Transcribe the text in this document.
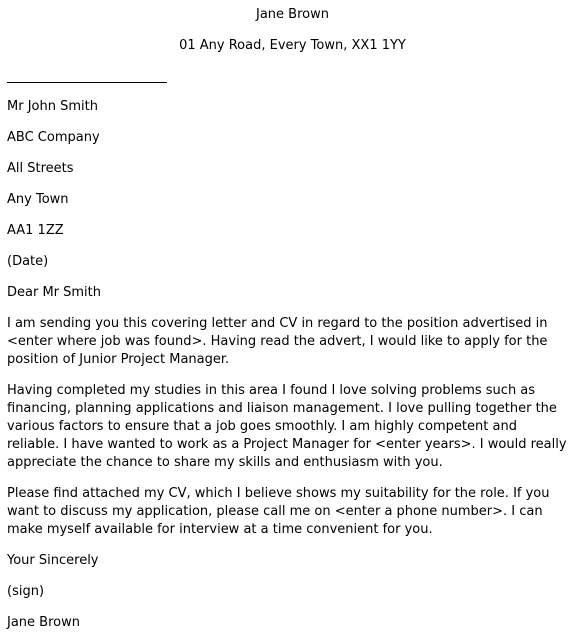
Jane Brown
01 Any Road, Every Town, XX1 1YY
Mr John Smith
ABC Company
All Streets
Any Town
AA1 1ZZ
(Date)
Dear Mr Smith
I am sending you this covering letter and CV in regard to the position advertised in
<enter where job was found>. Having read the advert, I would like to apply for the
position of Junior Project Manager.
Having completed my studies in this area I found I love solving problems such as
financing, planning applications and liaison management. I love pulling together the
various factors to ensure that a job goes smoothly. I am highly competent and
reliable. I have wanted to work as a Project Manager for <enter years>. I would really
appreciate the chance to share my skills and enthusiasm with you.
Please find attached my CV, which I believe shows my suitability for the role. If you
want to discuss my application, please call me on <enter a phone number>. I can
make myself available for interview at a time convenient for you.
Your Sincerely
(sign)
Jane Brown
